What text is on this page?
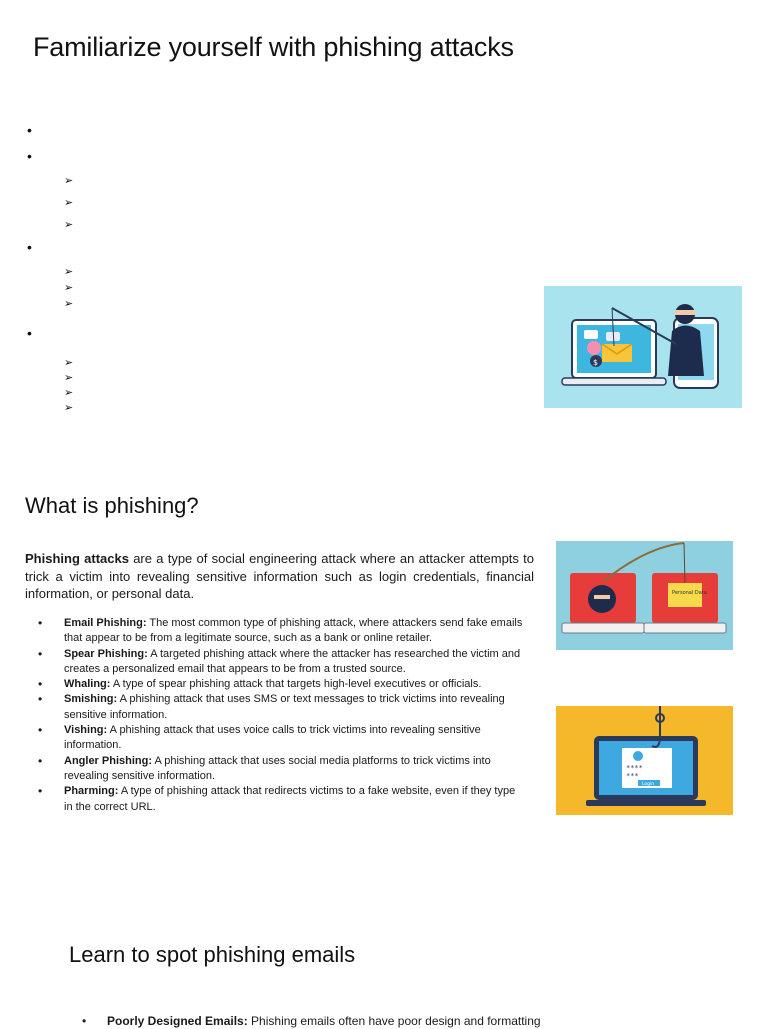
Familiarize yourself with phishing attacks
•
•
➢
➢
➢
•
➢
➢
➢
•
➢
➢
➢
➢
$
What is phishing?
Phishing attacks are a type of social engineering attack where an attacker attempts to trick a victim into revealing sensitive information such as login credentials, financial information, or personal data.
• Email Phishing: The most common type of phishing attack, where attackers send fake emails that appear to be from a legitimate source, such as a bank or online retailer.
• Spear Phishing: A targeted phishing attack where the attacker has researched the victim and creates a personalized email that appears to be from a trusted source.
• Whaling: A type of spear phishing attack that targets high-level executives or officials.
• Smishing: A phishing attack that uses SMS or text messages to trick victims into revealing sensitive information.
• Vishing: A phishing attack that uses voice calls to trick victims into revealing sensitive information.
• Angler Phishing: A phishing attack that uses social media platforms to trick victims into revealing sensitive information.
• Pharming: A type of phishing attack that redirects victims to a fake website, even if they type in the correct URL.
Personal Data
****
***
Login
Learn to spot phishing emails
• Poorly Designed Emails: Phishing emails often have poor design and formatting
